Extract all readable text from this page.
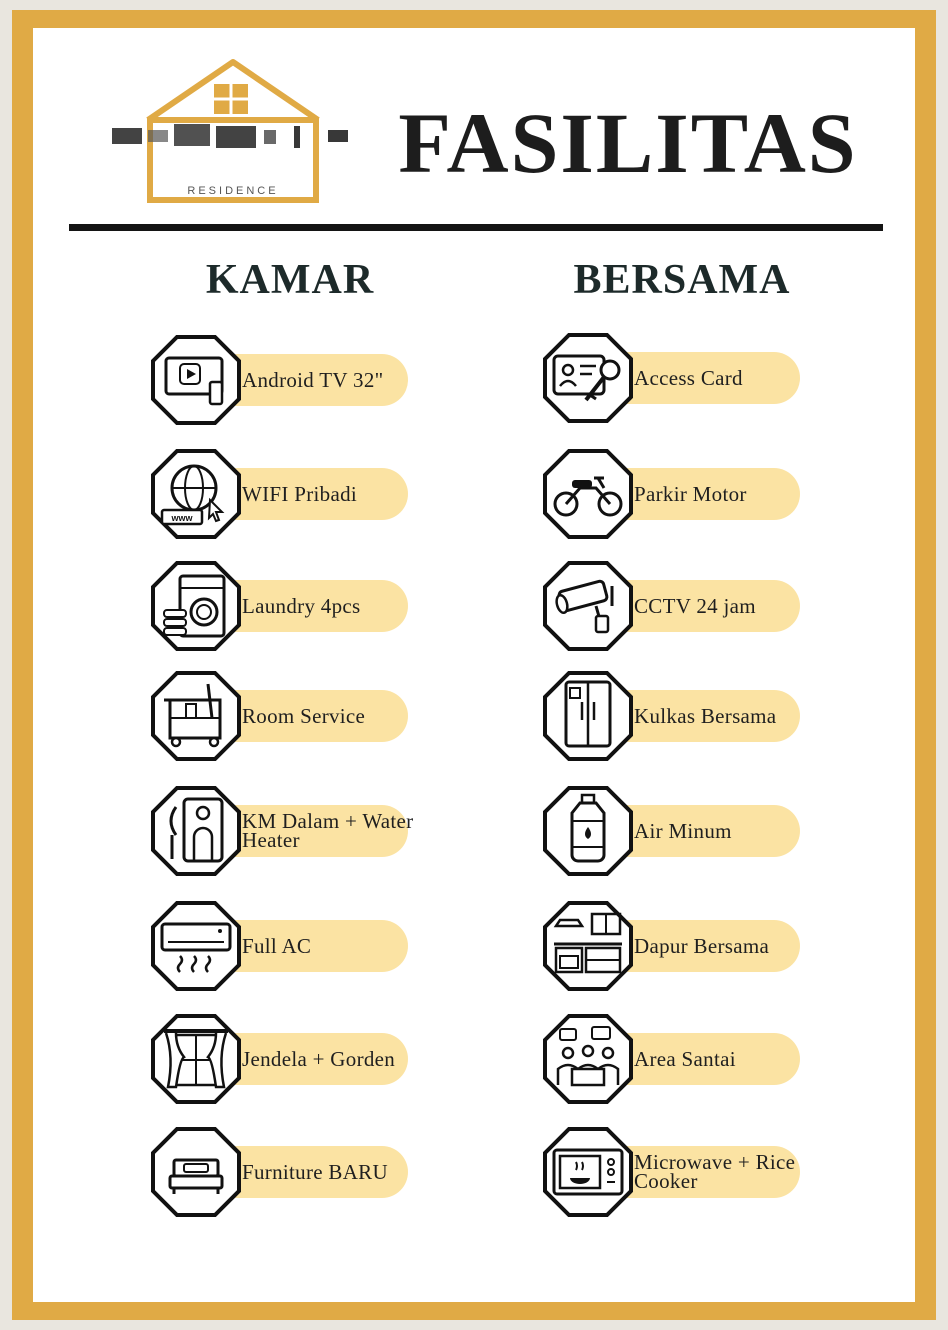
RESIDENCE FASILITAS
KAMAR	BERSAMA
Android TV 32"
www
WIFI Pribadi
Laundry 4pcs
Room Service
KM Dalam + Water Heater
Full AC
Jendela + Gorden
Furniture BARU
Access Card
Parkir Motor
CCTV 24 jam
Kulkas Bersama
Air Minum
Dapur Bersama
Area Santai
Microwave + Rice Cooker
